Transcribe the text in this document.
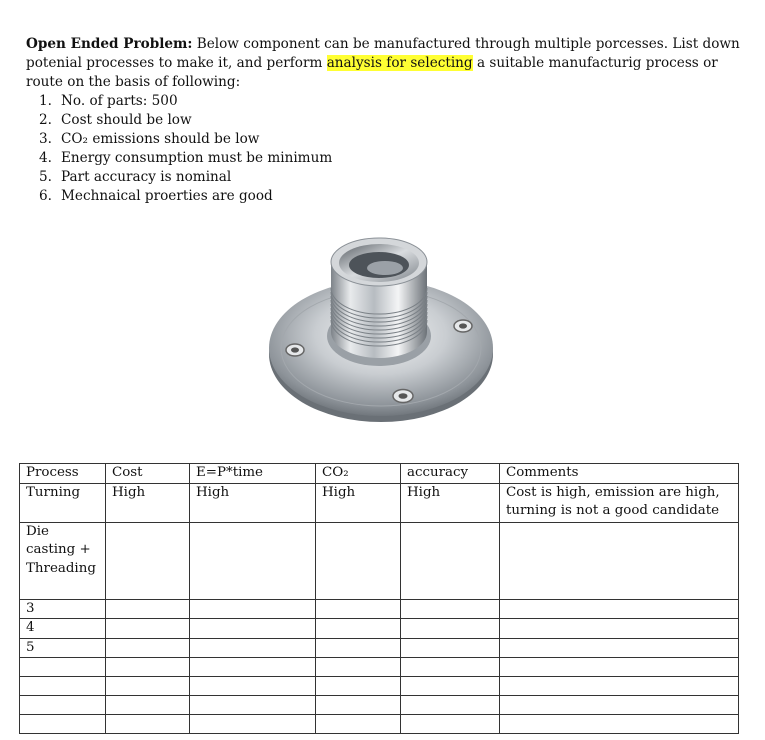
Open Ended Problem: Below component can be manufactured through multiple porcesses. List down potenial processes to make it, and perform analysis for selecting a suitable manufacturig process or route on the basis of following:
1. No. of parts: 500
2. Cost should be low
3. CO₂ emissions should be low
4. Energy consumption must be minimum
5. Part accuracy is nominal
6. Mechnaical proerties are good
Process	Cost	E=P*time	CO₂	accuracy	Comments
Turning	High	High	High	High	Cost is high, emission are high, turning is not a good candidate

Die
casting +
Threading					

3					
4					
5					
